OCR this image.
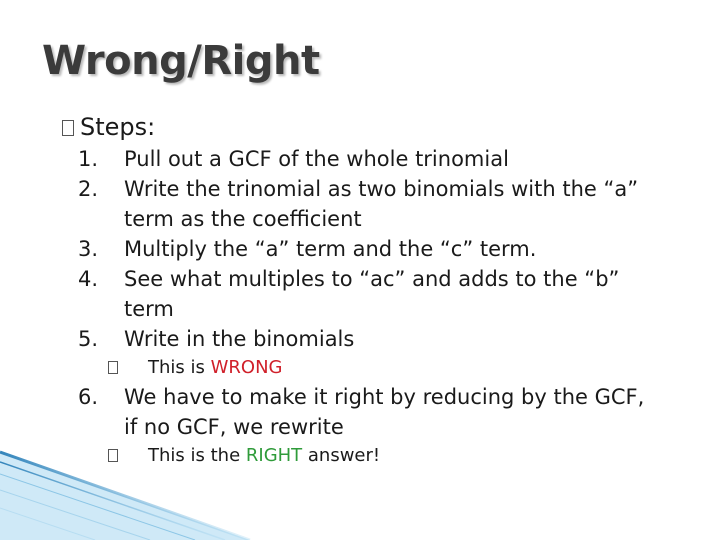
Wrong/Right
Steps:
1.	Pull out a GCF of the whole trinomial
2.	Write the trinomial as two binomials with the “a”
term as the coefficient
3.	Multiply the “a” term and the “c” term.
4.	See what multiples to “ac” and adds to the “b”
term
5.	Write in the binomials
This is WRONG
6.	We have to make it right by reducing by the GCF,
if no GCF, we rewrite
This is the RIGHT answer!
